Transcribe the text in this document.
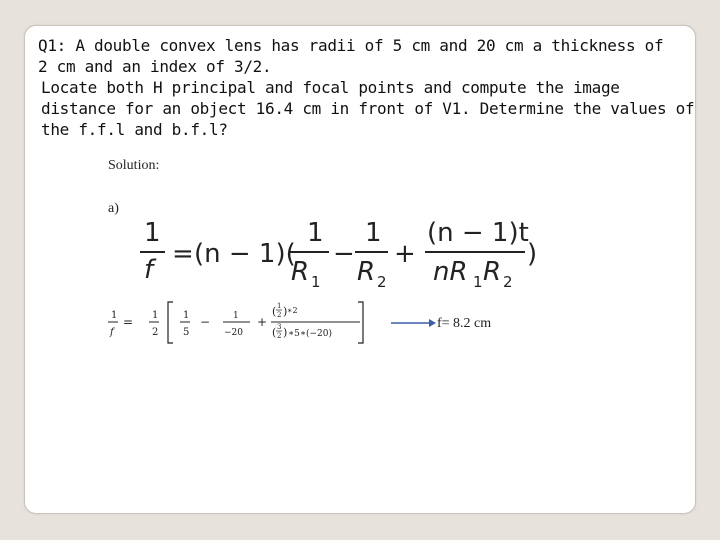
Q1: A double convex lens has radii of 5 cm and 20 cm a thickness of
2 cm and an index of 3/2.
Locate both H principal and focal points and compute the image
distance for an object 16.4 cm in front of V1. Determine the values of
the f.f.l and b.f.l?
Solution:
a)
1
f
= (n − 1)(
1
R 1
−
1
R 2
+
(n − 1)t
nR 1 R 2
)
1
f
= 1
2
1
5
−	1
−20
+
( 1
2 ) ∗2
( 3
2 ) ∗5∗(−20)
f= 8.2 cm
